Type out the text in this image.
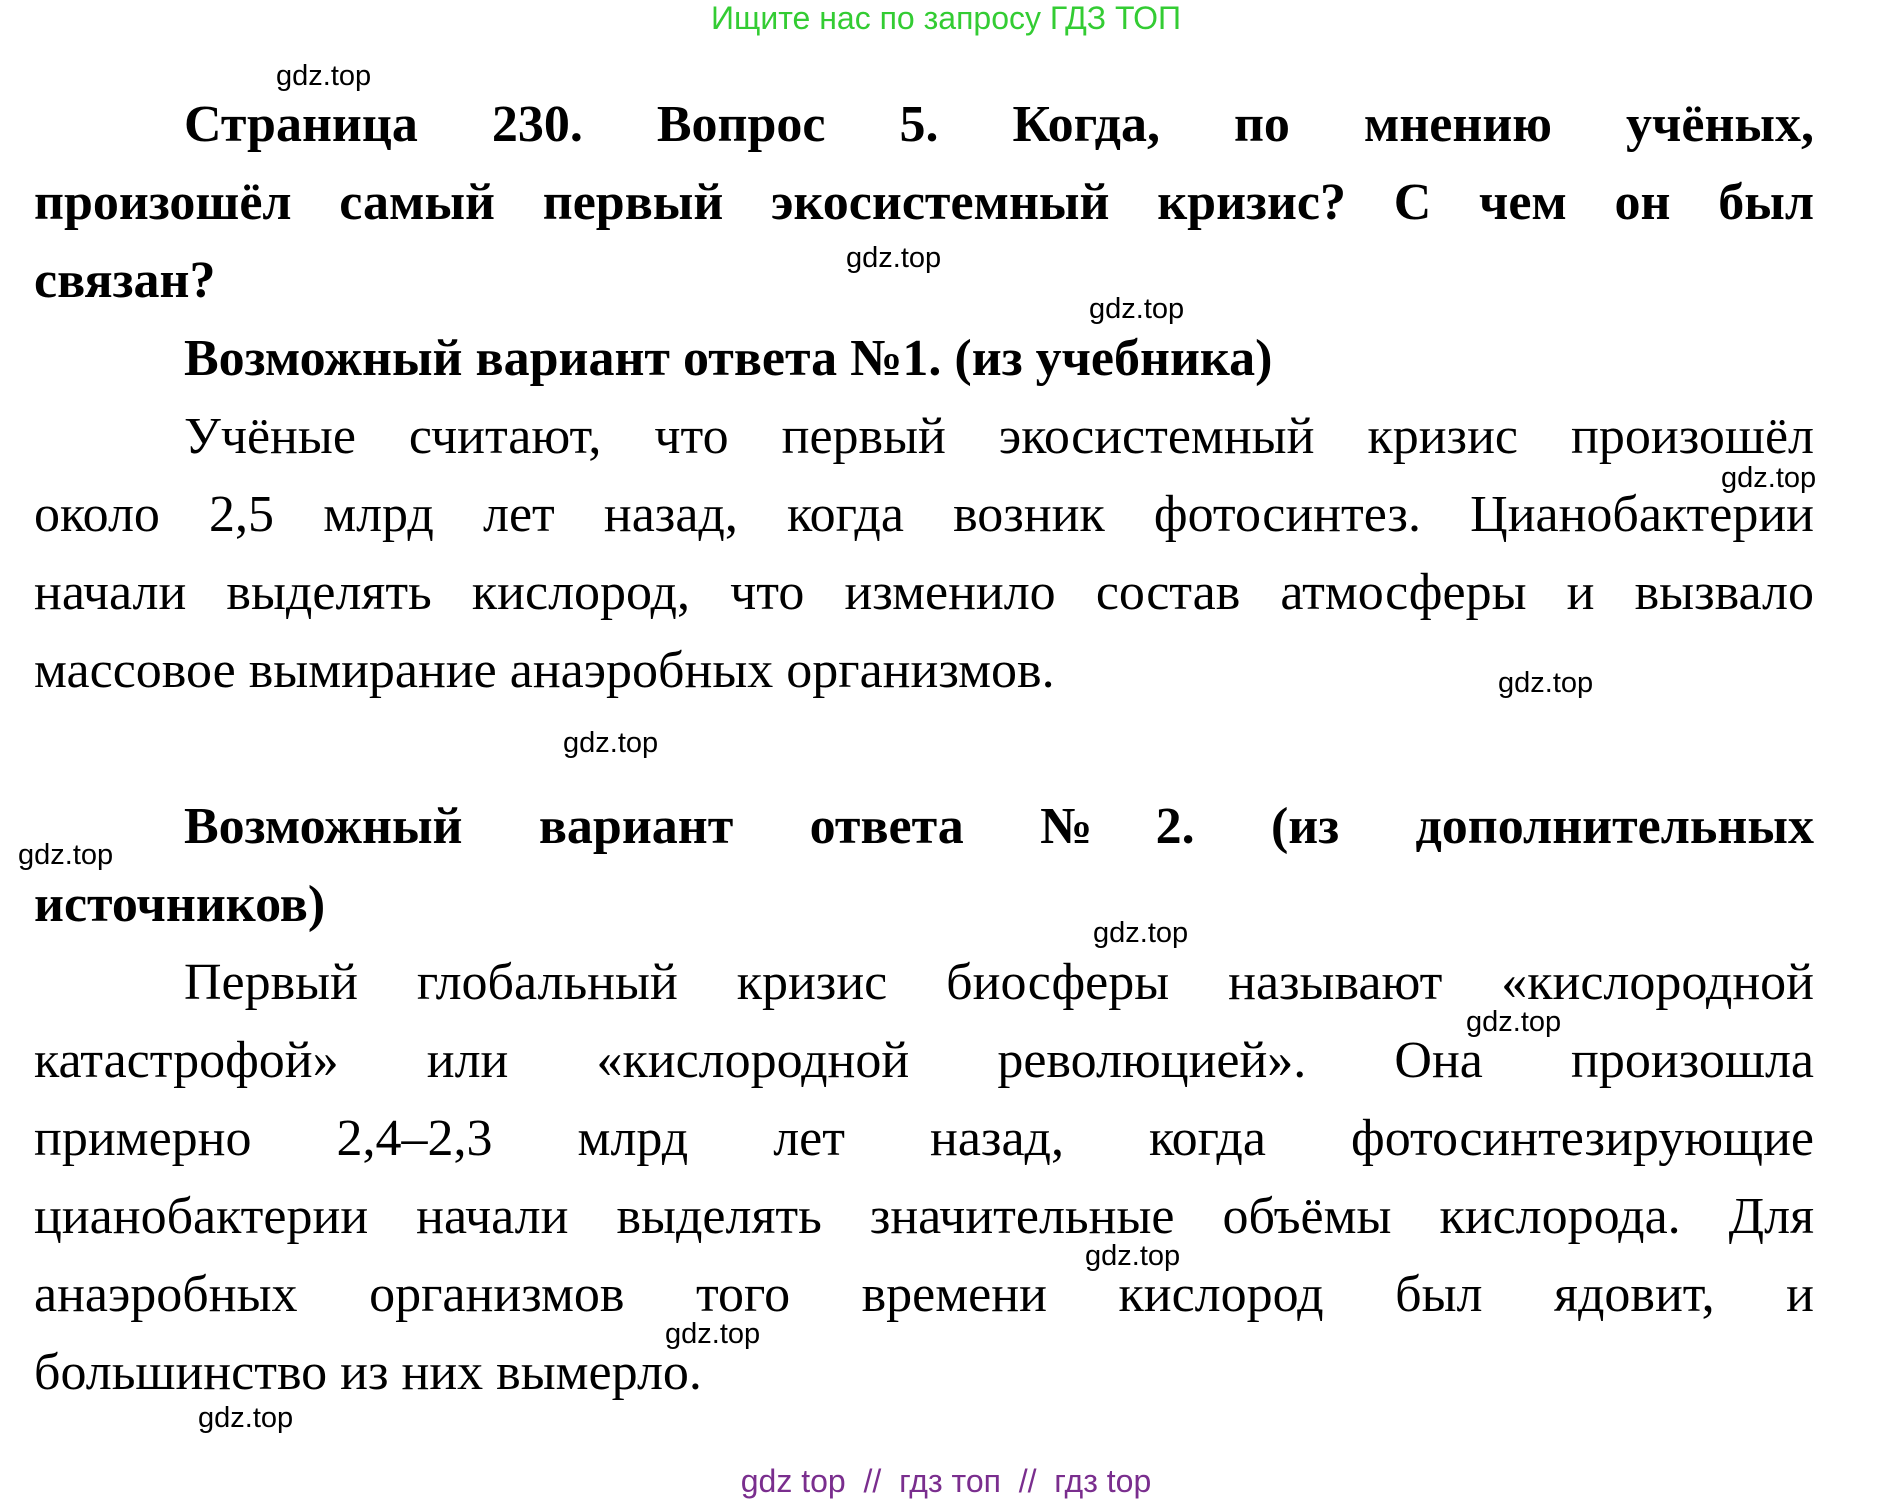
Ищите нас по запросу ГДЗ ТОП
Страница 230. Вопрос 5. Когда, по мнению учёных,
произошёл самый первый экосистемный кризис? С чем он был
связан?
Возможный вариант ответа №1. (из учебника)
Учёные считают, что первый экосистемный кризис произошёл
около 2,5 млрд лет назад, когда возник фотосинтез. Цианобактерии
начали выделять кислород, что изменило состав атмосферы и вызвало
массовое вымирание анаэробных организмов.
Возможный вариант ответа №2. (из дополнительных
источников)
Первый глобальный кризис биосферы называют «кислородной
катастрофой» или «кислородной революцией». Она произошла
примерно 2,4–2,3 млрд лет назад, когда фотосинтезирующие
цианобактерии начали выделять значительные объёмы кислорода. Для
анаэробных организмов того времени кислород был ядовит, и
большинство из них вымерло.
gdz.top
gdz.top
gdz.top
gdz.top
gdz.top
gdz.top
gdz.top
gdz.top
gdz.top
gdz.top
gdz.top
gdz.top
gdz top  //  гдз топ  //  гдз top
